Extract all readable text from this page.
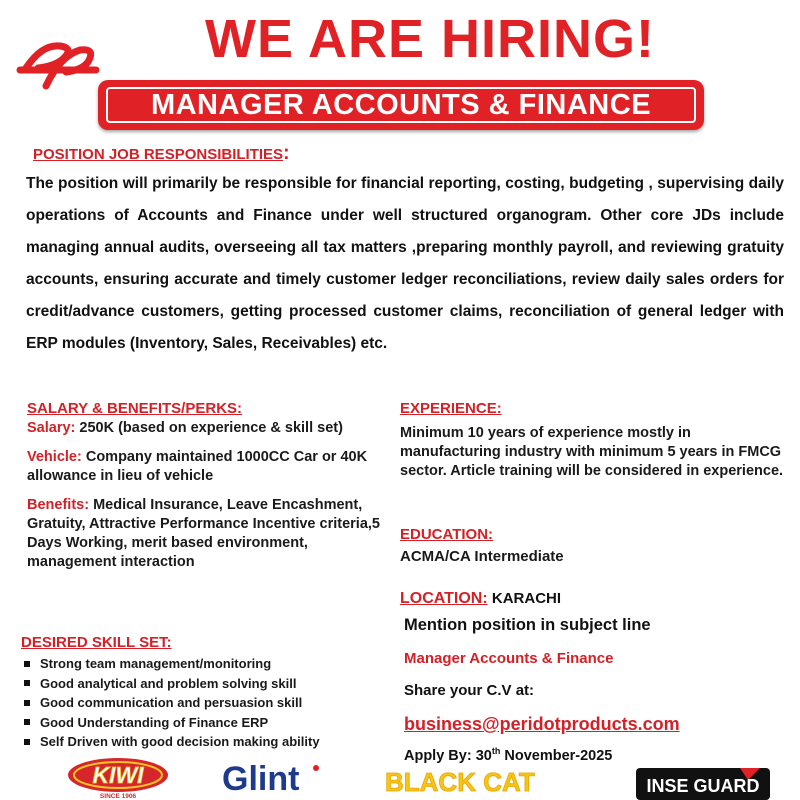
WE ARE HIRING!
MANAGER ACCOUNTS & FINANCE
POSITION JOB RESPONSIBILITIES:

The position will primarily be responsible for financial reporting, costing, budgeting , supervising daily operations of Accounts and Finance under well structured organogram. Other core JDs include managing annual audits, overseeing all tax matters ,preparing monthly payroll, and reviewing gratuity accounts, ensuring accurate and timely customer ledger reconciliations, review daily sales orders for credit/advance customers, getting processed customer claims, reconciliation of general ledger with ERP modules (Inventory, Sales, Receivables) etc.

SALARY & BENEFITS/PERKS:

Salary: 250K (based on experience & skill set)

Vehicle: Company maintained 1000CC Car or 40K allowance in lieu of vehicle

Benefits: Medical Insurance, Leave Encashment, Gratuity, Attractive Performance Incentive criteria,5 Days Working, merit based environment, management interaction

DESIRED SKILL SET:
Strong team management/monitoring
Good analytical and problem solving skill
Good communication and persuasion skill
Good Understanding of Finance ERP
Self Driven with good decision making ability
EXPERIENCE:

Minimum 10 years of experience mostly in manufacturing industry with minimum 5 years in FMCG sector. Article training will be considered in experience.

EDUCATION:

ACMA/CA Intermediate

LOCATION: KARACHI
Mention position in subject line
Manager Accounts & Finance
Share your C.V at:
business@peridotproducts.com
Apply By: 30th November-2025
KIWI
SINCE 1906	Glint	BLACK CAT	INSE GUARD
